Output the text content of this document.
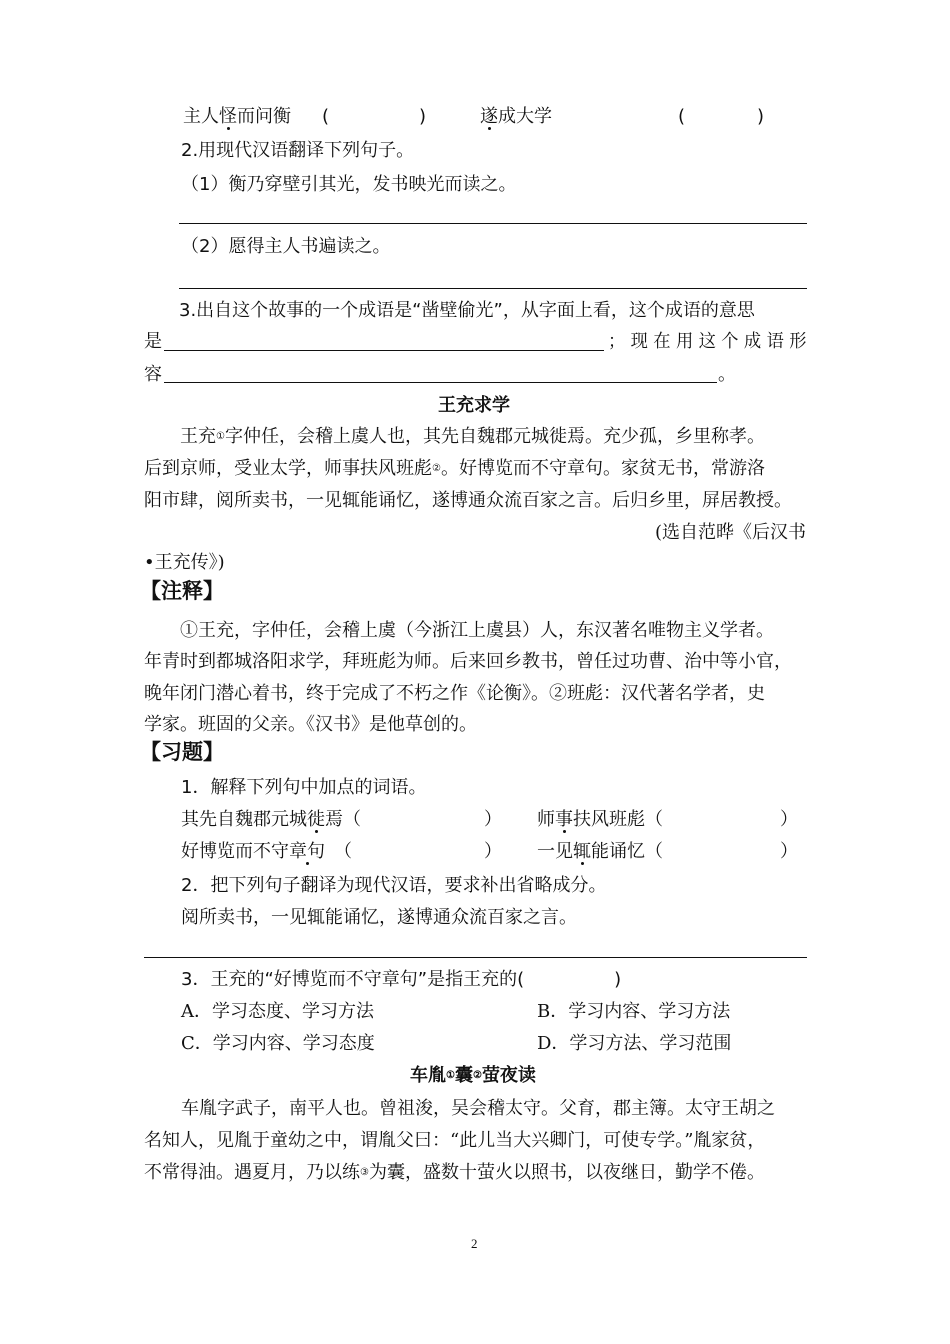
主人怪而问衡 (　　　　　)	遂成大学	(　　　　)
2.用现代汉语翻译下列句子。
（1）衡乃穿壁引其光，发书映光而读之。
（2）愿得主人书遍读之。
3.出自这个故事的一个成语是“凿壁偷光”，从字面上看，这个成语的意思
是	；现在用这个成语形
容	。
王充求学
王充①字仲任，会稽上虞人也，其先自魏郡元城徙焉。充少孤，乡里称孝。
后到京师，受业太学，师事扶风班彪②。好博览而不守章句。家贫无书，常游洛
阳市肆，阅所卖书，一见辄能诵忆，遂博通众流百家之言。后归乡里，屏居教授。
(选自范晔《后汉书
•王充传》)
【注释】
①王充，字仲任，会稽上虞（今浙江上虞县）人，东汉著名唯物主义学者。
年青时到都城洛阳求学，拜班彪为师。后来回乡教书，曾任过功曹、治中等小官，
晚年闭门潜心着书，终于完成了不朽之作《论衡》。②班彪：汉代著名学者，史
学家。班固的父亲。《汉书》是他草创的。
【习题】
1．解释下列句中加点的词语。
其先自魏郡元城徙焉（	） 师事扶风班彪（	）
好博览而不守章句　（	） 一见辄能诵忆（	）
2．把下列句子翻译为现代汉语，要求补出省略成分。
阅所卖书，一见辄能诵忆，遂博通众流百家之言。
3．王充的“好博览而不守章句”是指王充的(　　　　　)
A．学习态度、学习方法	B．学习内容、学习方法
C．学习内容、学习态度	D．学习方法、学习范围
车胤①囊②萤夜读
车胤字武子，南平人也。曾祖浚，吴会稽太守。父育，郡主簿。太守王胡之
名知人，见胤于童幼之中，谓胤父曰：“此儿当大兴卿门，可使专学。”胤家贫，
不常得油。遇夏月，乃以练③为囊，盛数十萤火以照书，以夜继日，勤学不倦。
2
